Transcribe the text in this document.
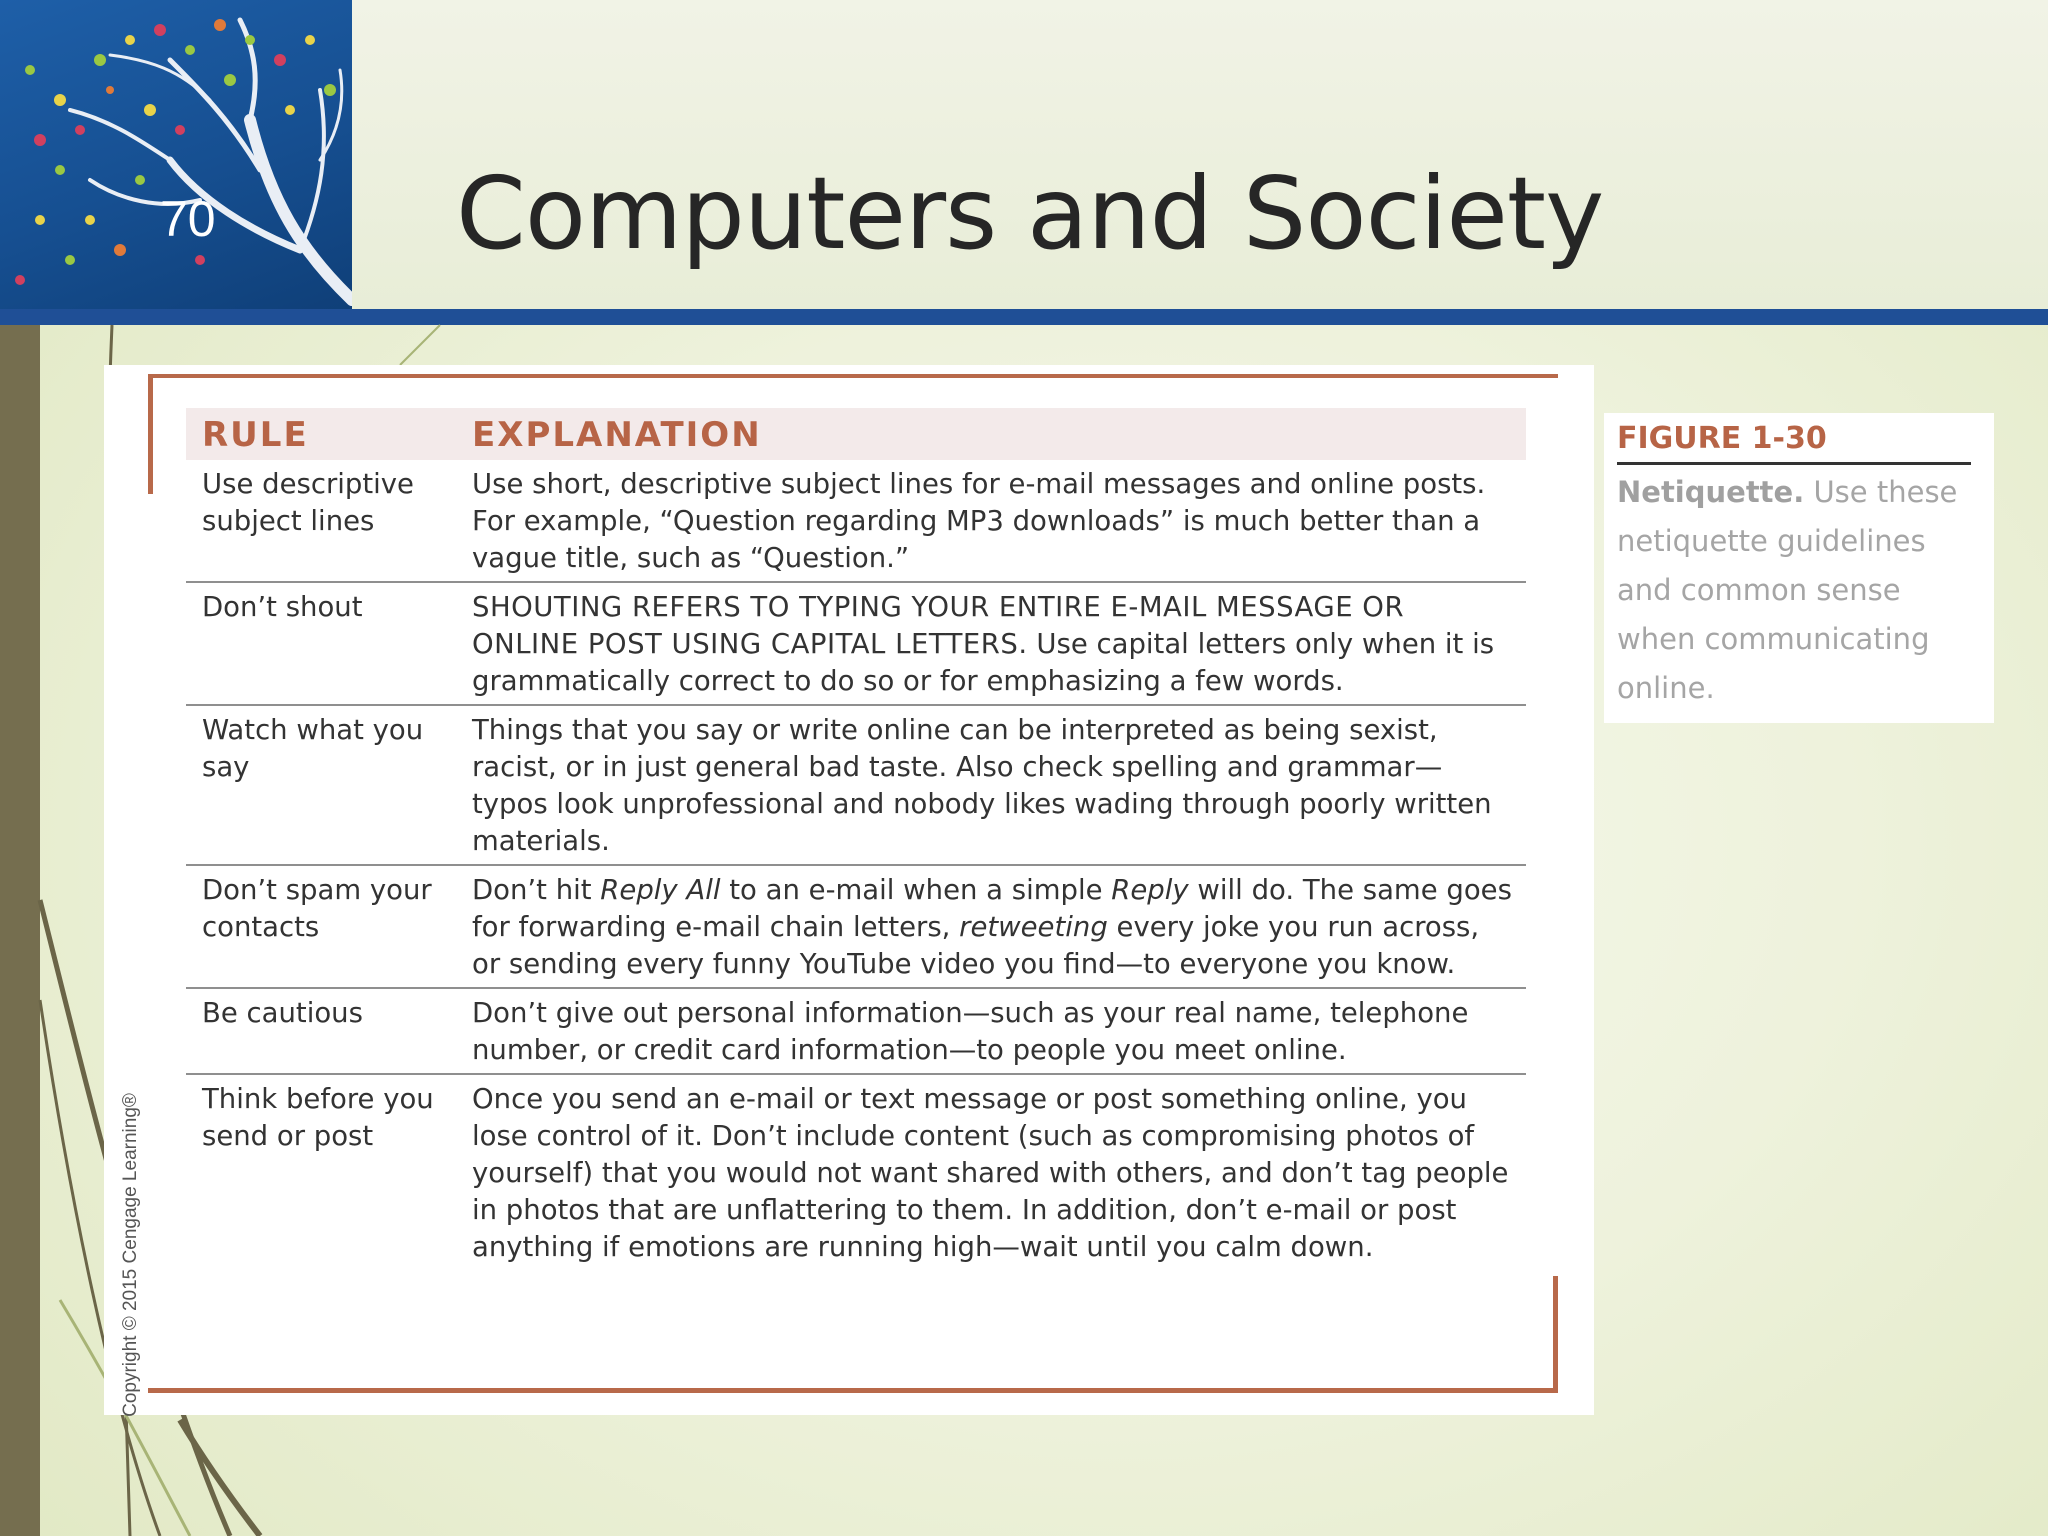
70 Computers and Society
Copyright © 2015 Cengage Learning®
RULE	EXPLANATION
Use descriptive subject lines	Use short, descriptive subject lines for e-mail messages and online posts. For example, “Question regarding MP3 downloads” is much better than a vague title, such as “Question.”
Don’t shout	SHOUTING REFERS TO TYPING YOUR ENTIRE E-MAIL MESSAGE OR ONLINE POST USING CAPITAL LETTERS. Use capital letters only when it is grammatically correct to do so or for emphasizing a few words.
Watch what you say	Things that you say or write online can be interpreted as being sexist, racist, or in just general bad taste. Also check spelling and grammar—typos look unprofessional and nobody likes wading through poorly written materials.
Don’t spam your contacts	Don’t hit Reply All to an e-mail when a simple Reply will do. The same goes for forwarding e-mail chain letters, retweeting every joke you run across, or sending every funny YouTube video you find—to everyone you know.
Be cautious	Don’t give out personal information—such as your real name, telephone number, or credit card information—to people you meet online.
Think before you send or post	Once you send an e-mail or text message or post something online, you lose control of it. Don’t include content (such as compromising photos of yourself) that you would not want shared with others, and don’t tag people in photos that are unflattering to them. In addition, don’t e-mail or post anything if emotions are running high—wait until you calm down.
FIGURE 1-30
Netiquette. Use these netiquette guidelines and common sense when communicating online.
